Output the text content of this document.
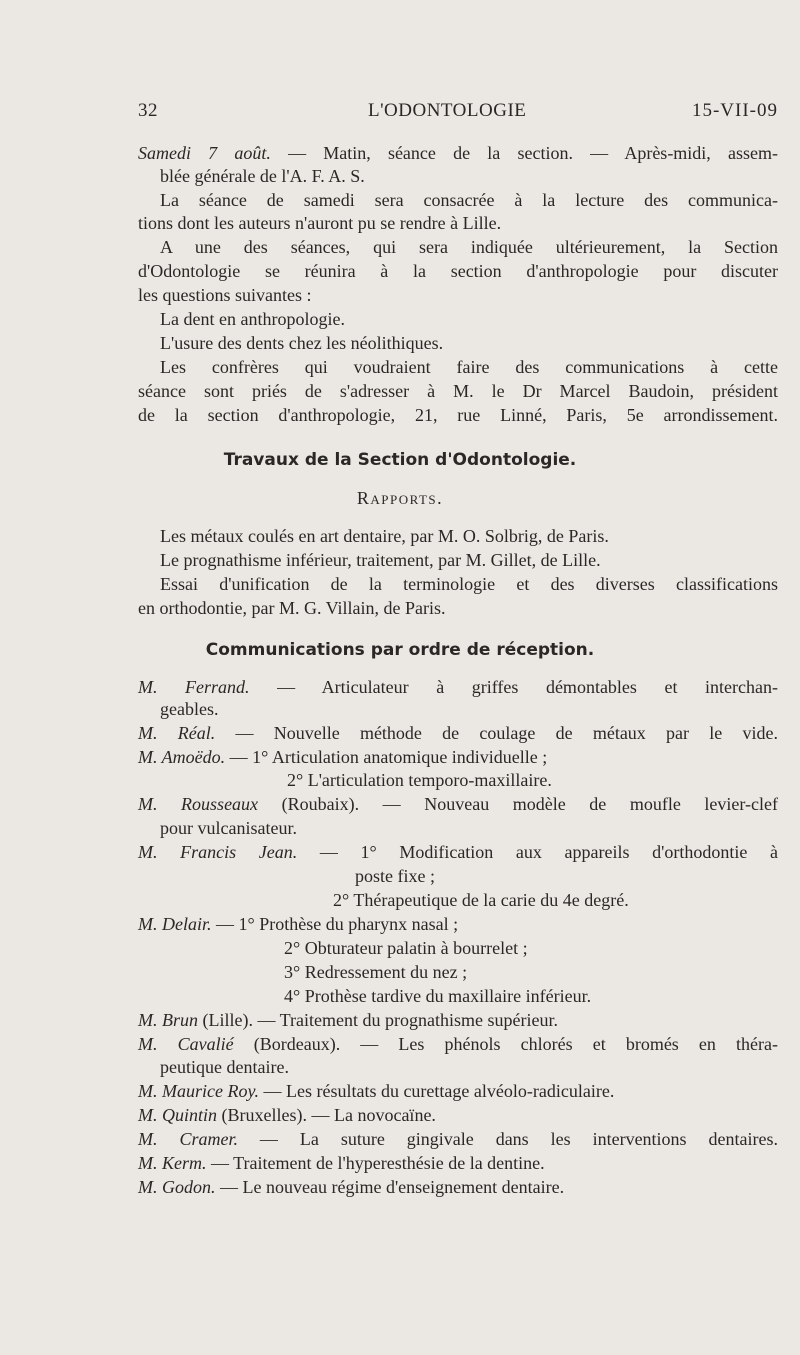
32	L'ODONTOLOGIE	15-VII-09
Samedi 7 août. — Matin, séance de la section. — Après-midi, assem-
blée générale de l'A. F. A. S.
La séance de samedi sera consacrée à la lecture des communica-
tions dont les auteurs n'auront pu se rendre à Lille.
A une des séances, qui sera indiquée ultérieurement, la Section
d'Odontologie se réunira à la section d'anthropologie pour discuter
les questions suivantes :
La dent en anthropologie.
L'usure des dents chez les néolithiques.
Les confrères qui voudraient faire des communications à cette
séance sont priés de s'adresser à M. le Dr Marcel Baudoin, président
de la section d'anthropologie, 21, rue Linné, Paris, 5e arrondissement.
Travaux de la Section d'Odontologie.
Rapports.
Les métaux coulés en art dentaire, par M. O. Solbrig, de Paris.
Le prognathisme inférieur, traitement, par M. Gillet, de Lille.
Essai d'unification de la terminologie et des diverses classifications
en orthodontie, par M. G. Villain, de Paris.
Communications par ordre de réception.
M. Ferrand. — Articulateur à griffes démontables et interchan-
geables.
M. Réal. — Nouvelle méthode de coulage de métaux par le vide.
M. Amoëdo. — 1° Articulation anatomique individuelle ;
2° L'articulation temporo-maxillaire.
M. Rousseaux (Roubaix). — Nouveau modèle de moufle levier-clef
pour vulcanisateur.
M. Francis Jean. — 1° Modification aux appareils d'orthodontie à
poste fixe ;
2° Thérapeutique de la carie du 4e degré.
M. Delair. — 1° Prothèse du pharynx nasal ;
2° Obturateur palatin à bourrelet ;
3° Redressement du nez ;
4° Prothèse tardive du maxillaire inférieur.
M. Brun (Lille). — Traitement du prognathisme supérieur.
M. Cavalié (Bordeaux). — Les phénols chlorés et bromés en théra-
peutique dentaire.
M. Maurice Roy. — Les résultats du curettage alvéolo-radiculaire.
M. Quintin (Bruxelles). — La novocaïne.
M. Cramer. — La suture gingivale dans les interventions dentaires.
M. Kerm. — Traitement de l'hyperesthésie de la dentine.
M. Godon. — Le nouveau régime d'enseignement dentaire.
